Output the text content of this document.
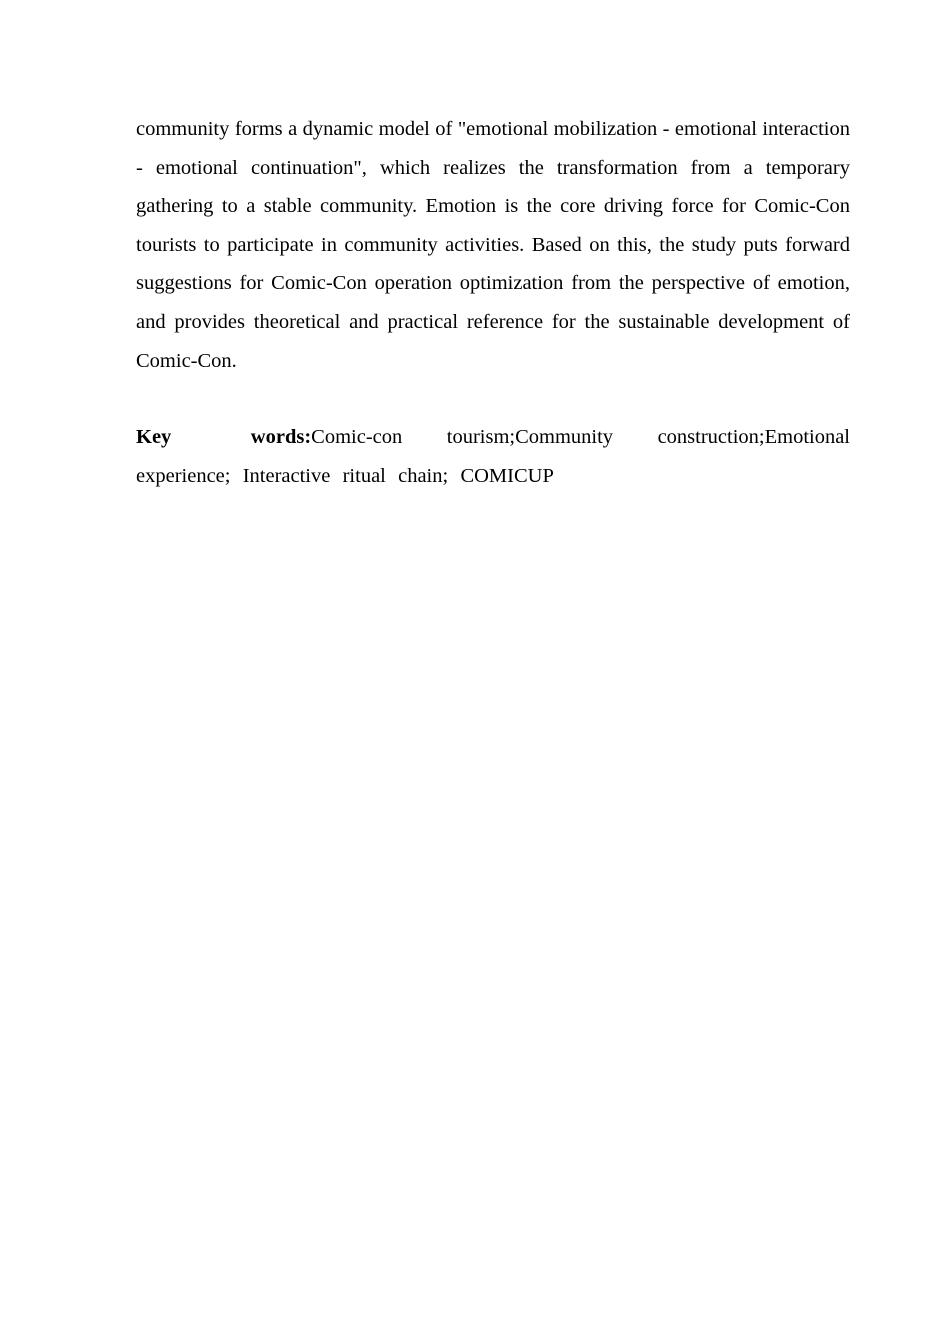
community forms a dynamic model of "emotional mobilization - emotional interaction - emotional continuation", which realizes the transformation from a temporary gathering to a stable community. Emotion is the core driving force for Comic-Con tourists to participate in community activities. Based on this, the study puts forward suggestions for Comic-Con operation optimization from the perspective of emotion, and provides theoretical and practical reference for the sustainable development of Comic-Con.

Key words:Comic-con tourism;Community construction;Emotional experience;  Interactive  ritual  chain;  COMICUP
